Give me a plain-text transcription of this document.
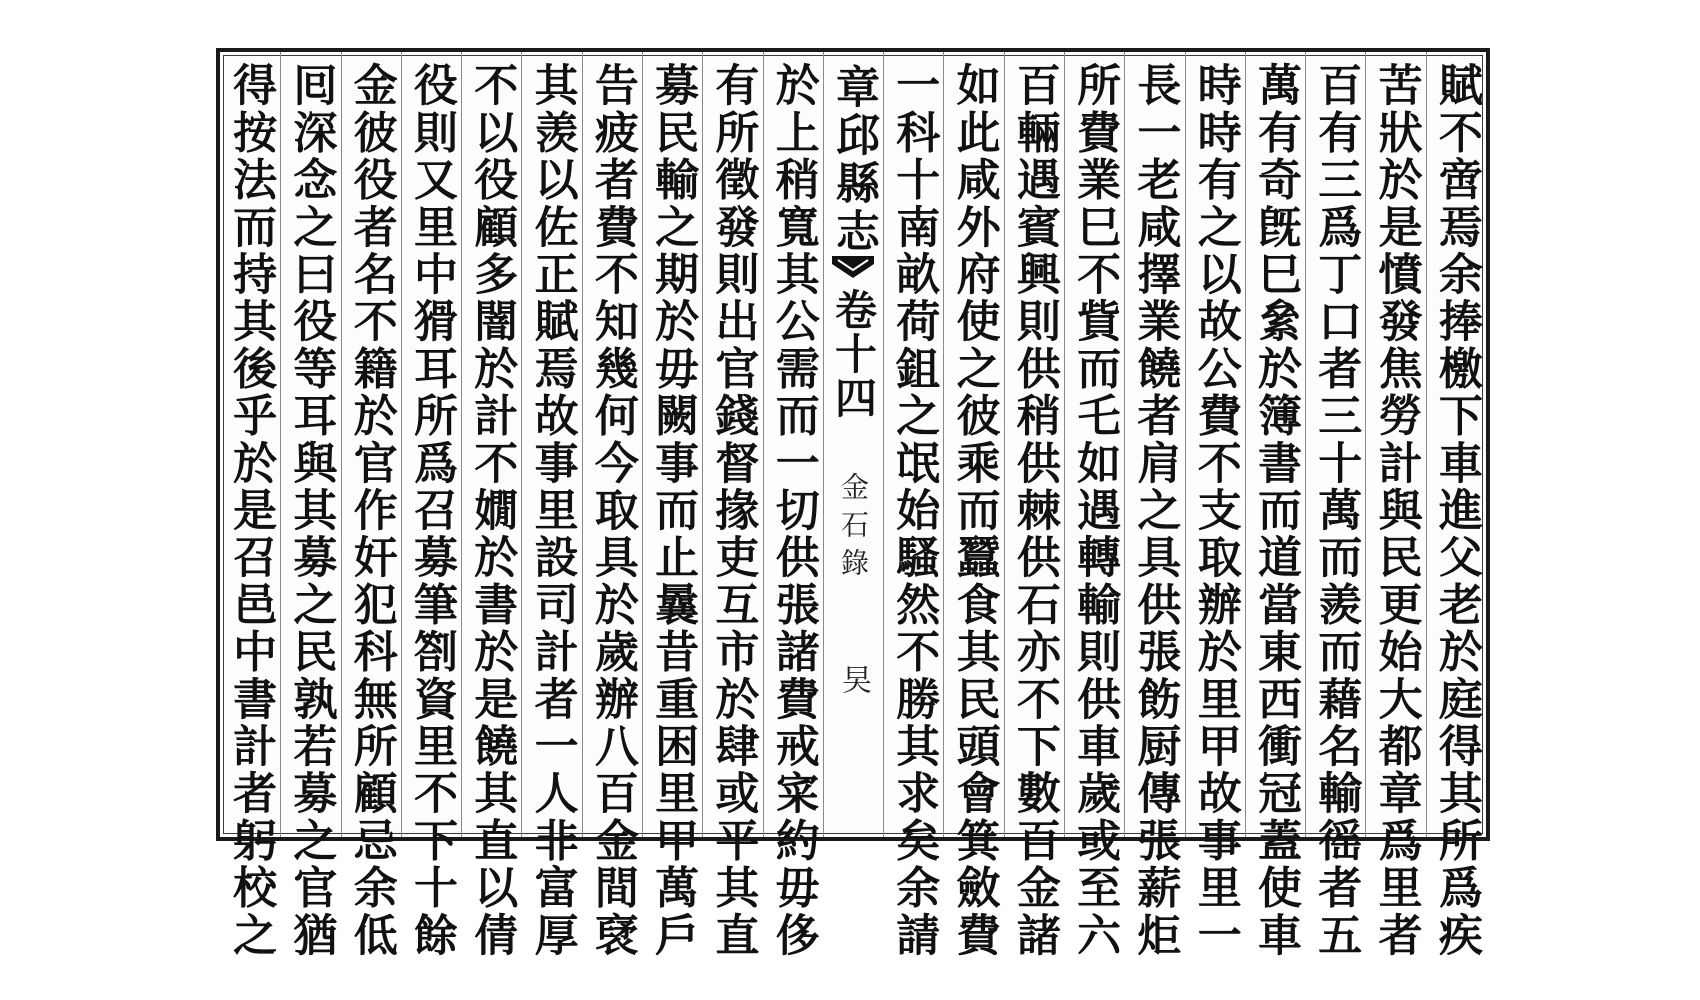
賦不啻焉余捧檄下車進父老於庭得其所爲疾
苦狀於是憤發焦勞計與民更始大都章爲里者
百有三爲丁口者三十萬而羨而藉名輸徭者五
萬有奇旣巳絫於簿書而道當東西衝冠蓋使車
時時有之以故公費不支取辦於里甲故事里一
長一老咸擇業饒者肩之具供張飭厨傳張薪炬
所費業巳不貲而乇如遇轉輸則供車歲或至六
百輛遇賓興則供稍供棘供石亦不下數百金諸
如此咸外府使之彼乘而蠶食其民頭會箕斂費
一科十南畝荷鉏之氓始騷然不勝其求矣余請
章邱縣志
卷十四
金石錄
旲
於上稍寬其公需而一切供張諸費戒寀約毋侈
有所徵發則出官錢督掾吏互市於肆或平其直
募民輸之期於毋闕事而止曩昔重困里甲萬戶
告疲者費不知幾何今取具於歲辦八百金間裦
其羡以佐正賦焉故事里設司計者一人非富厚
不以役顧多闇於計不嫺於書於是饒其直以倩
役則又里中猾耳所爲召募筆劄資里不下十餘
金彼役者名不籍於官作奸犯科無所顧忌余低
囘深念之曰役等耳與其募之民孰若募之官猶
得按法而持其後乎於是召邑中書計者躬校之
